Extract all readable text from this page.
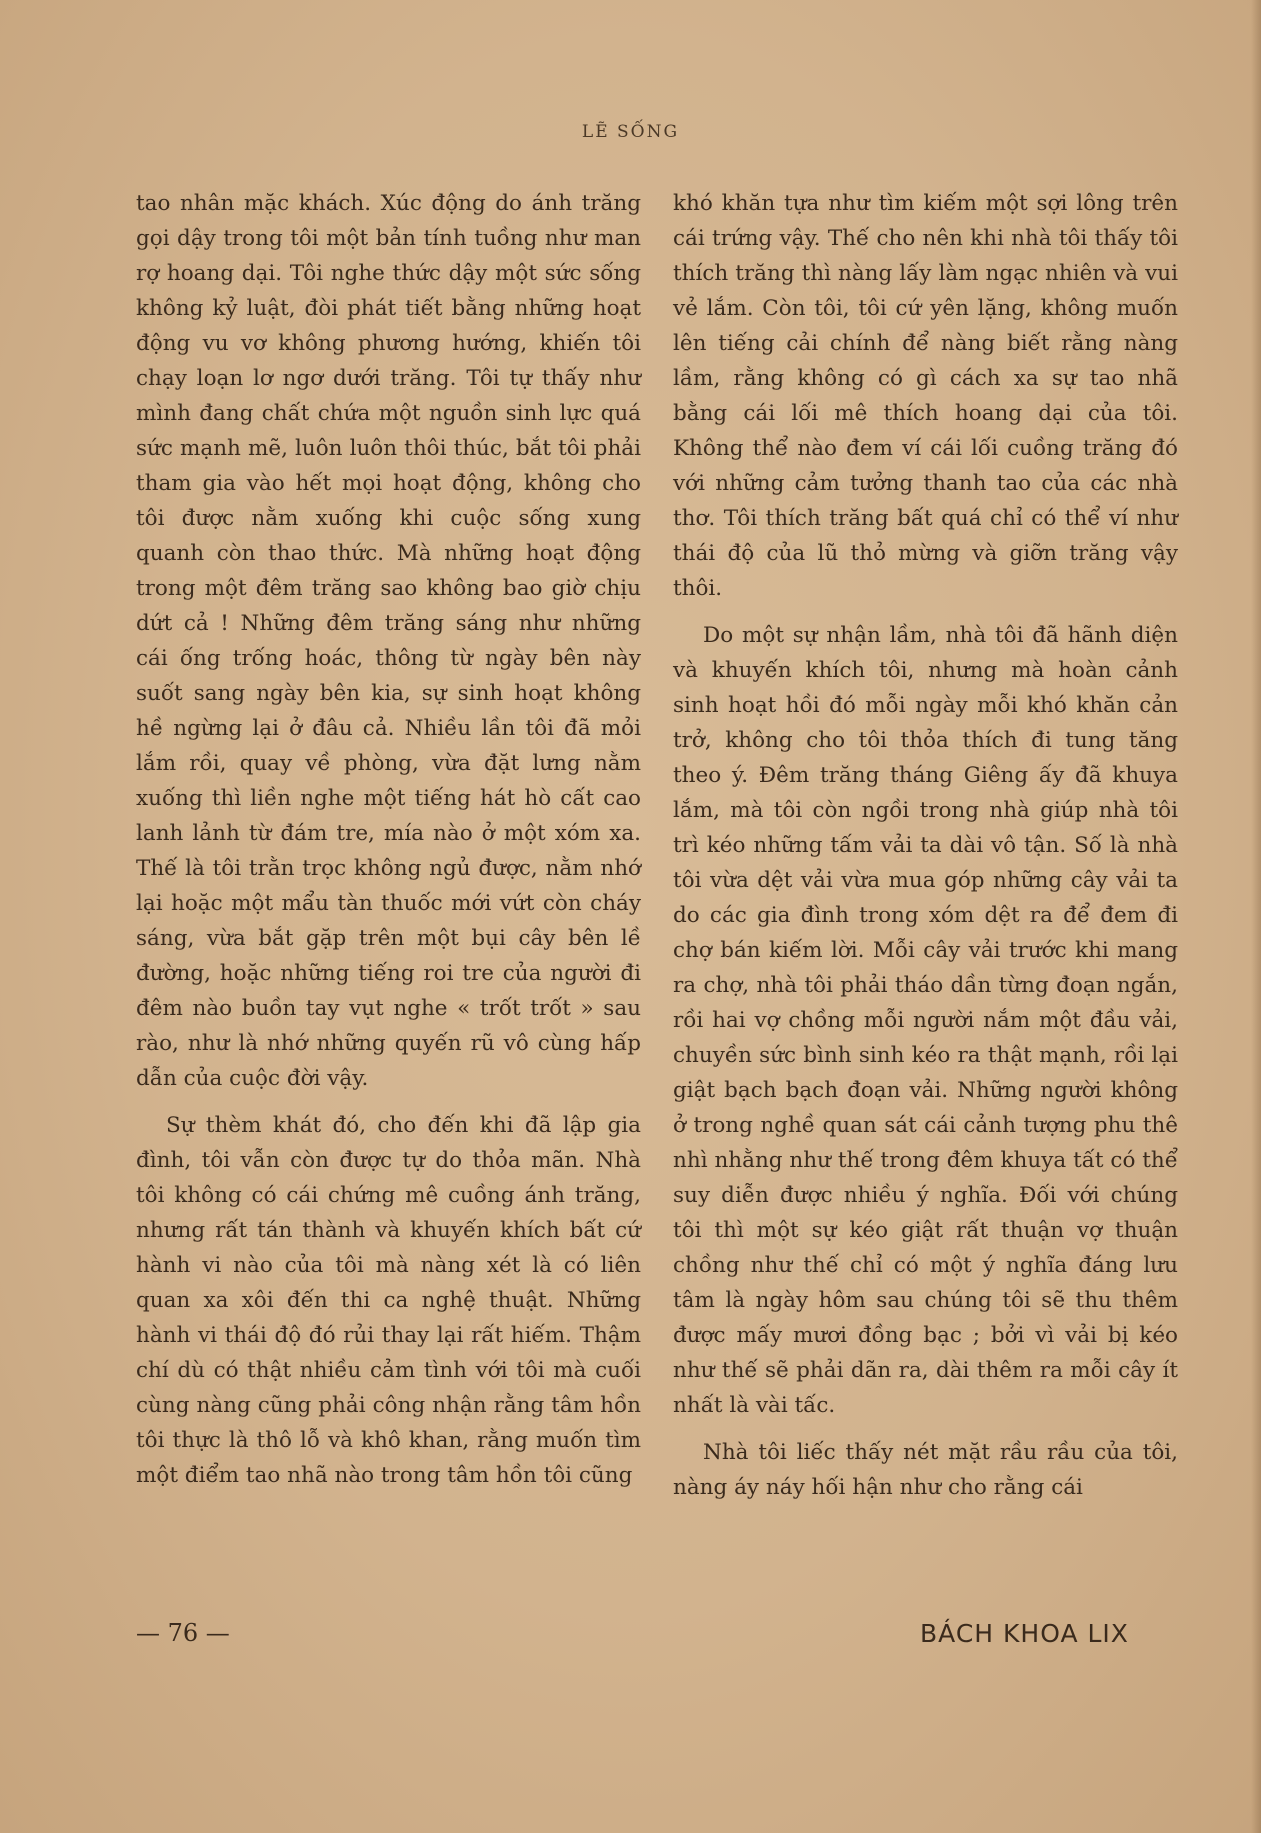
LẼ SỐNG

tao nhân mặc khách. Xúc động do ánh trăng gọi dậy trong tôi một bản tính tuồng như man rợ hoang dại. Tôi nghe thức dậy một sức sống không kỷ luật, đòi phát tiết bằng những hoạt động vu vơ không phương hướng, khiến tôi chạy loạn lơ ngơ dưới trăng. Tôi tự thấy như mình đang chất chứa một nguồn sinh lực quá sức mạnh mẽ, luôn luôn thôi thúc, bắt tôi phải tham gia vào hết mọi hoạt động, không cho tôi được nằm xuống khi cuộc sống xung quanh còn thao thức. Mà những hoạt động trong một đêm trăng sao không bao giờ chịu dứt cả ! Những đêm trăng sáng như những cái ống trống hoác, thông từ ngày bên này suốt sang ngày bên kia, sự sinh hoạt không hề ngừng lại ở đâu cả. Nhiều lần tôi đã mỏi lắm rồi, quay về phòng, vừa đặt lưng nằm xuống thì liền nghe một tiếng hát hò cất cao lanh lảnh từ đám tre, mía nào ở một xóm xa. Thế là tôi trằn trọc không ngủ được, nằm nhớ lại hoặc một mẩu tàn thuốc mới vứt còn cháy sáng, vừa bắt gặp trên một bụi cây bên lề đường, hoặc những tiếng roi tre của người đi đêm nào buồn tay vụt nghe « trốt trốt » sau rào, như là nhớ những quyến rũ vô cùng hấp dẫn của cuộc đời vậy.

Sự thèm khát đó, cho đến khi đã lập gia đình, tôi vẫn còn được tự do thỏa mãn. Nhà tôi không có cái chứng mê cuồng ánh trăng, nhưng rất tán thành và khuyến khích bất cứ hành vi nào của tôi mà nàng xét là có liên quan xa xôi đến thi ca nghệ thuật. Những hành vi thái độ đó rủi thay lại rất hiếm. Thậm chí dù có thật nhiều cảm tình với tôi mà cuối cùng nàng cũng phải công nhận rằng tâm hồn tôi thực là thô lỗ và khô khan, rằng muốn tìm một điểm tao nhã nào trong tâm hồn tôi cũng

khó khăn tựa như tìm kiếm một sợi lông trên cái trứng vậy. Thế cho nên khi nhà tôi thấy tôi thích trăng thì nàng lấy làm ngạc nhiên và vui vẻ lắm. Còn tôi, tôi cứ yên lặng, không muốn lên tiếng cải chính để nàng biết rằng nàng lầm, rằng không có gì cách xa sự tao nhã bằng cái lối mê thích hoang dại của tôi. Không thể nào đem ví cái lối cuồng trăng đó với những cảm tưởng thanh tao của các nhà thơ. Tôi thích trăng bất quá chỉ có thể ví như thái độ của lũ thỏ mừng và giỡn trăng vậy thôi.

Do một sự nhận lầm, nhà tôi đã hãnh diện và khuyến khích tôi, nhưng mà hoàn cảnh sinh hoạt hồi đó mỗi ngày mỗi khó khăn cản trở, không cho tôi thỏa thích đi tung tăng theo ý. Đêm trăng tháng Giêng ấy đã khuya lắm, mà tôi còn ngồi trong nhà giúp nhà tôi trì kéo những tấm vải ta dài vô tận. Số là nhà tôi vừa dệt vải vừa mua góp những cây vải ta do các gia đình trong xóm dệt ra để đem đi chợ bán kiếm lời. Mỗi cây vải trước khi mang ra chợ, nhà tôi phải tháo dần từng đoạn ngắn, rồi hai vợ chồng mỗi người nắm một đầu vải, chuyền sức bình sinh kéo ra thật mạnh, rồi lại giật bạch bạch đoạn vải. Những người không ở trong nghề quan sát cái cảnh tượng phu thê nhì nhằng như thế trong đêm khuya tất có thể suy diễn được nhiều ý nghĩa. Đối với chúng tôi thì một sự kéo giật rất thuận vợ thuận chồng như thế chỉ có một ý nghĩa đáng lưu tâm là ngày hôm sau chúng tôi sẽ thu thêm được mấy mươi đồng bạc ; bởi vì vải bị kéo như thế sẽ phải dãn ra, dài thêm ra mỗi cây ít nhất là vài tấc.

Nhà tôi liếc thấy nét mặt rầu rầu của tôi, nàng áy náy hối hận như cho rằng cái

— 76 —	BÁCH KHOA LIX
